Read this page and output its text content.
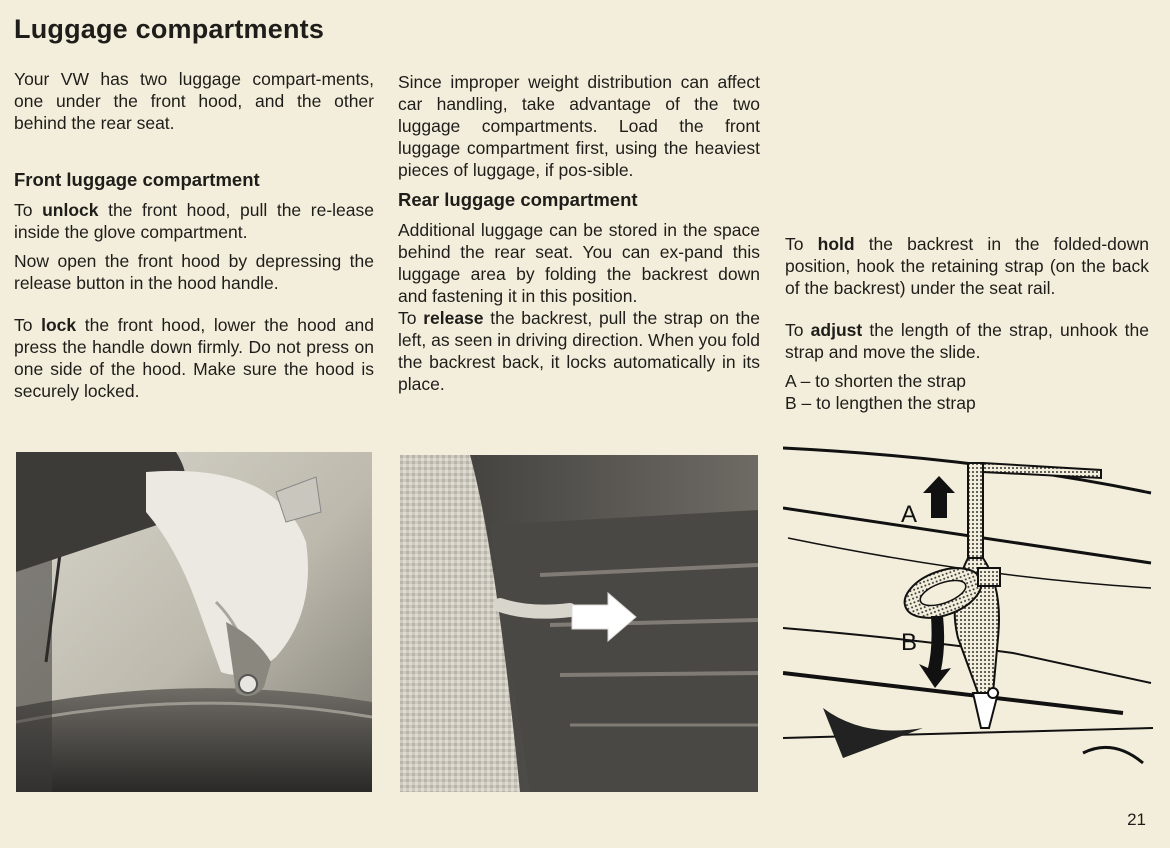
Luggage compartments

Your VW has two luggage compart-ments, one under the front hood, and the other behind the rear seat.

Front luggage compartment

To unlock the front hood, pull the re-lease inside the glove compartment.

Now open the front hood by depressing the release button in the hood handle.

To lock the front hood, lower the hood and press the handle down firmly. Do not press on one side of the hood. Make sure the hood is securely locked.

Since improper weight distribution can affect car handling, take advantage of the two luggage compartments. Load the front luggage compartment first, using the heaviest pieces of luggage, if pos-sible.

Rear luggage compartment

Additional luggage can be stored in the space behind the rear seat. You can ex-pand this luggage area by folding the backrest down and fastening it in this position.

To release the backrest, pull the strap on the left, as seen in driving direction. When you fold the backrest back, it locks automatically in its place.

To hold the backrest in the folded-down position, hook the retaining strap (on the back of the backrest) under the seat rail.

To adjust the length of the strap, unhook the strap and move the slide.

A – to shorten the strap

B – to lengthen the strap

A
B
21
